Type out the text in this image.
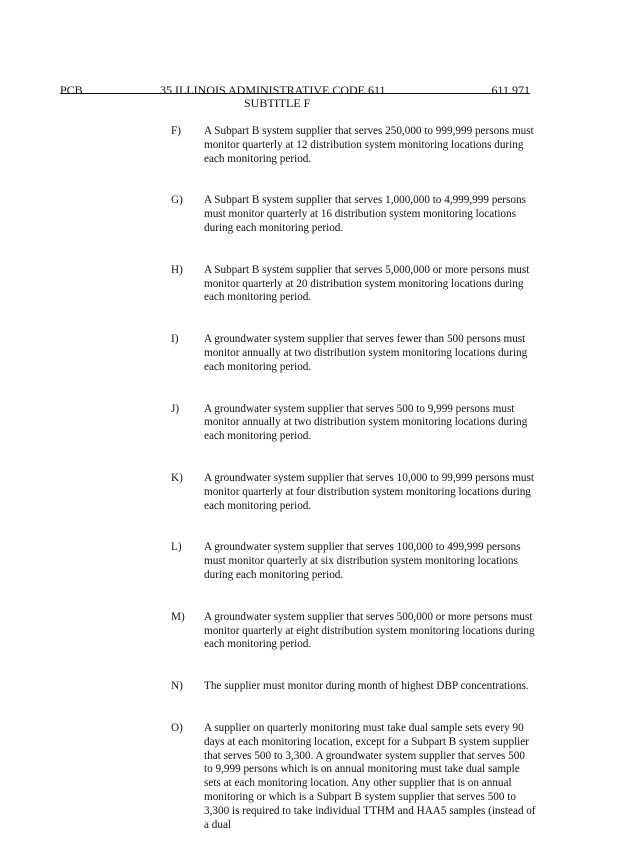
PCB	35 ILLINOIS ADMINISTRATIVE CODE 611	611.971
SUBTITLE F
F) A Subpart B system supplier that serves 250,000 to 999,999 persons must monitor quarterly at 12 distribution system monitoring locations during each monitoring period.
G) A Subpart B system supplier that serves 1,000,000 to 4,999,999 persons must monitor quarterly at 16 distribution system monitoring locations during each monitoring period.
H) A Subpart B system supplier that serves 5,000,000 or more persons must monitor quarterly at 20 distribution system monitoring locations during each monitoring period.
I) A groundwater system supplier that serves fewer than 500 persons must monitor annually at two distribution system monitoring locations during each monitoring period.
J) A groundwater system supplier that serves 500 to 9,999 persons must monitor annually at two distribution system monitoring locations during each monitoring period.
K) A groundwater system supplier that serves 10,000 to 99,999 persons must monitor quarterly at four distribution system monitoring locations during each monitoring period.
L) A groundwater system supplier that serves 100,000 to 499,999 persons must monitor quarterly at six distribution system monitoring locations during each monitoring period.
M) A groundwater system supplier that serves 500,000 or more persons must monitor quarterly at eight distribution system monitoring locations during each monitoring period.
N) The supplier must monitor during month of highest DBP concentrations.
O) A supplier on quarterly monitoring must take dual sample sets every 90 days at each monitoring location, except for a Subpart B system supplier that serves 500 to 3,300. A groundwater system supplier that serves 500 to 9,999 persons which is on annual monitoring must take dual sample sets at each monitoring location. Any other supplier that is on annual monitoring or which is a Subpart B system supplier that serves 500 to 3,300 is required to take individual TTHM and HAA5 samples (instead of a dual
